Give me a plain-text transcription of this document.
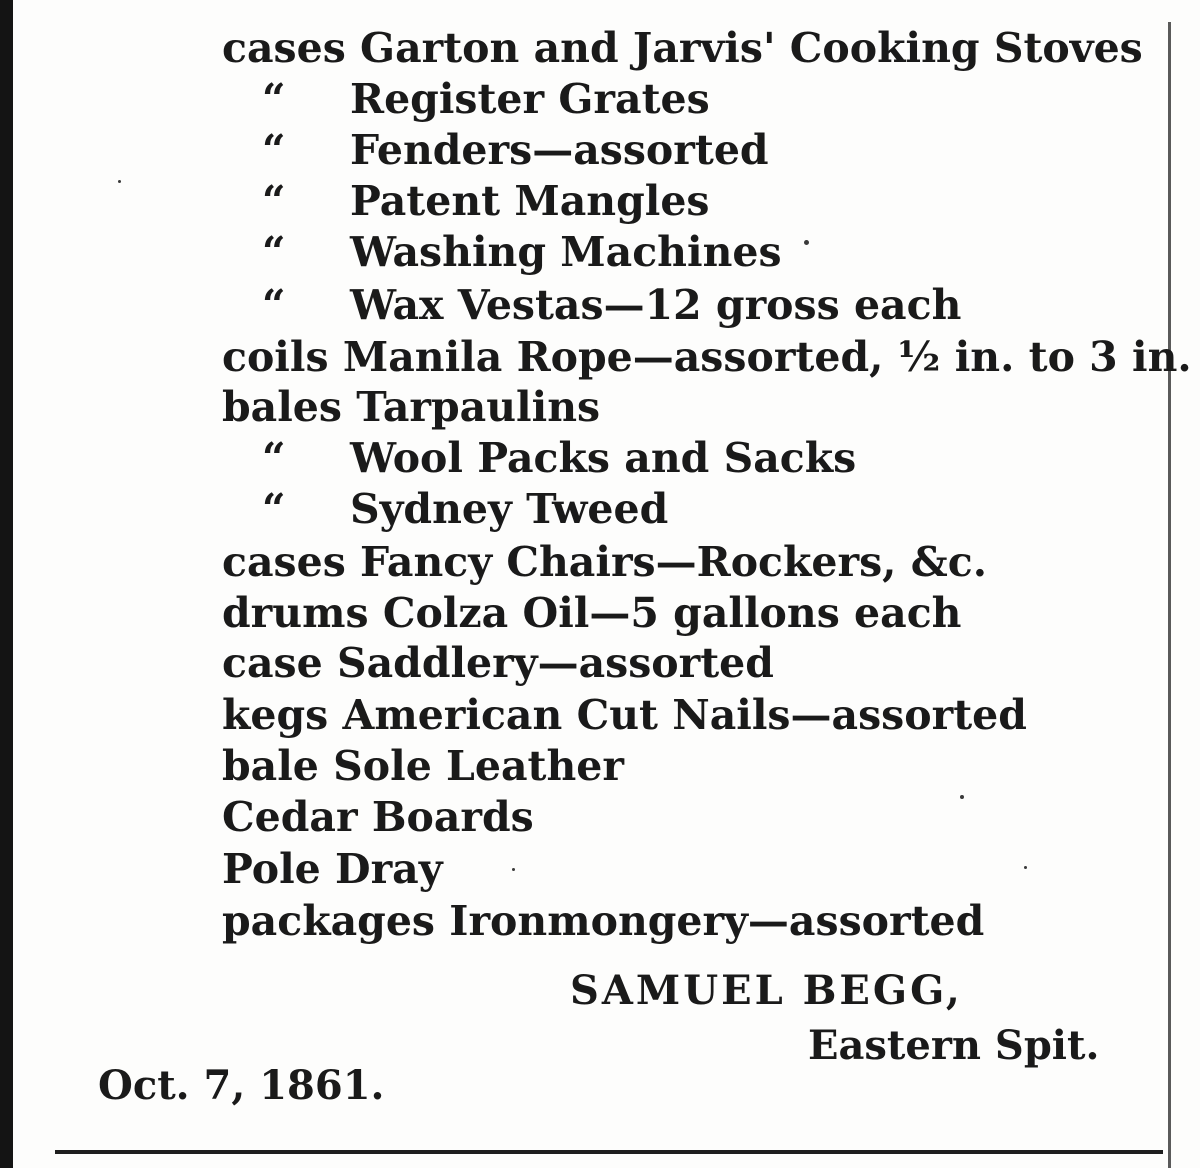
cases Garton and Jarvis' Cooking Stoves
“ Register Grates
“ Fenders—assorted
“ Patent Mangles
“ Washing Machines
“ Wax Vestas—12 gross each
coils Manila Rope—assorted, ½ in. to 3 in.
bales Tarpaulins
“ Wool Packs and Sacks
“ Sydney Tweed
cases Fancy Chairs—Rockers, &c.
drums Colza Oil—5 gallons each
case Saddlery—assorted
kegs American Cut Nails—assorted
bale Sole Leather
Cedar Boards
Pole Dray
packages Ironmongery—assorted
SAMUEL BEGG,
Eastern Spit.
Oct. 7, 1861.
